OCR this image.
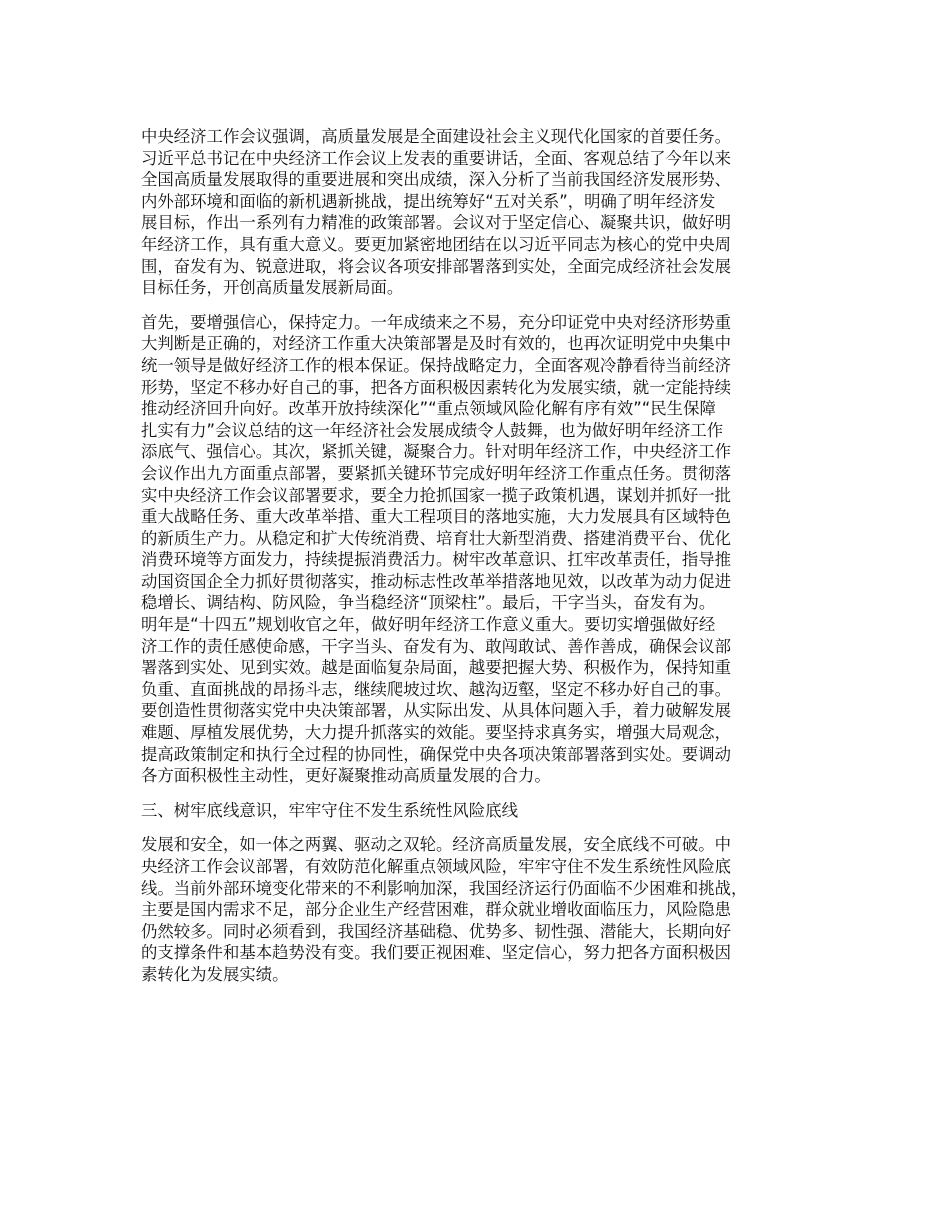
中央经济工作会议强调，高质量发展是全面建设社会主义现代化国家的首要任务。
习近平总书记在中央经济工作会议上发表的重要讲话，全面、客观总结了今年以来
全国高质量发展取得的重要进展和突出成绩，深入分析了当前我国经济发展形势、
内外部环境和面临的新机遇新挑战，提出统筹好“五对关系”，明确了明年经济发
展目标，作出一系列有力精准的政策部署。会议对于坚定信心、凝聚共识，做好明
年经济工作，具有重大意义。要更加紧密地团结在以习近平同志为核心的党中央周
围，奋发有为、锐意进取，将会议各项安排部署落到实处，全面完成经济社会发展
目标任务，开创高质量发展新局面。

首先，要增强信心，保持定力。一年成绩来之不易，充分印证党中央对经济形势重
大判断是正确的，对经济工作重大决策部署是及时有效的，也再次证明党中央集中
统一领导是做好经济工作的根本保证。保持战略定力，全面客观冷静看待当前经济
形势，坚定不移办好自己的事，把各方面积极因素转化为发展实绩，就一定能持续
推动经济回升向好。改革开放持续深化”“重点领域风险化解有序有效”“民生保障
扎实有力”会议总结的这一年经济社会发展成绩令人鼓舞，也为做好明年经济工作
添底气、强信心。其次，紧抓关键，凝聚合力。针对明年经济工作，中央经济工作
会议作出九方面重点部署，要紧抓关键环节完成好明年经济工作重点任务。贯彻落
实中央经济工作会议部署要求，要全力抢抓国家一揽子政策机遇，谋划并抓好一批
重大战略任务、重大改革举措、重大工程项目的落地实施，大力发展具有区域特色
的新质生产力。从稳定和扩大传统消费、培育壮大新型消费、搭建消费平台、优化
消费环境等方面发力，持续提振消费活力。树牢改革意识、扛牢改革责任，指导推
动国资国企全力抓好贯彻落实，推动标志性改革举措落地见效，以改革为动力促进
稳增长、调结构、防风险，争当稳经济“顶梁柱”。最后，干字当头，奋发有为。
明年是“十四五”规划收官之年，做好明年经济工作意义重大。要切实增强做好经
济工作的责任感使命感，干字当头、奋发有为、敢闯敢试、善作善成，确保会议部
署落到实处、见到实效。越是面临复杂局面，越要把握大势、积极作为，保持知重
负重、直面挑战的昂扬斗志，继续爬坡过坎、越沟迈壑，坚定不移办好自己的事。
要创造性贯彻落实党中央决策部署，从实际出发、从具体问题入手，着力破解发展
难题、厚植发展优势，大力提升抓落实的效能。要坚持求真务实，增强大局观念，
提高政策制定和执行全过程的协同性，确保党中央各项决策部署落到实处。要调动
各方面积极性主动性，更好凝聚推动高质量发展的合力。

三、树牢底线意识，牢牢守住不发生系统性风险底线

发展和安全，如一体之两翼、驱动之双轮。经济高质量发展，安全底线不可破。中
央经济工作会议部署，有效防范化解重点领域风险，牢牢守住不发生系统性风险底
线。当前外部环境变化带来的不利影响加深，我国经济运行仍面临不少困难和挑战，
主要是国内需求不足，部分企业生产经营困难，群众就业增收面临压力，风险隐患
仍然较多。同时必须看到，我国经济基础稳、优势多、韧性强、潜能大，长期向好
的支撑条件和基本趋势没有变。我们要正视困难、坚定信心，努力把各方面积极因
素转化为发展实绩。
